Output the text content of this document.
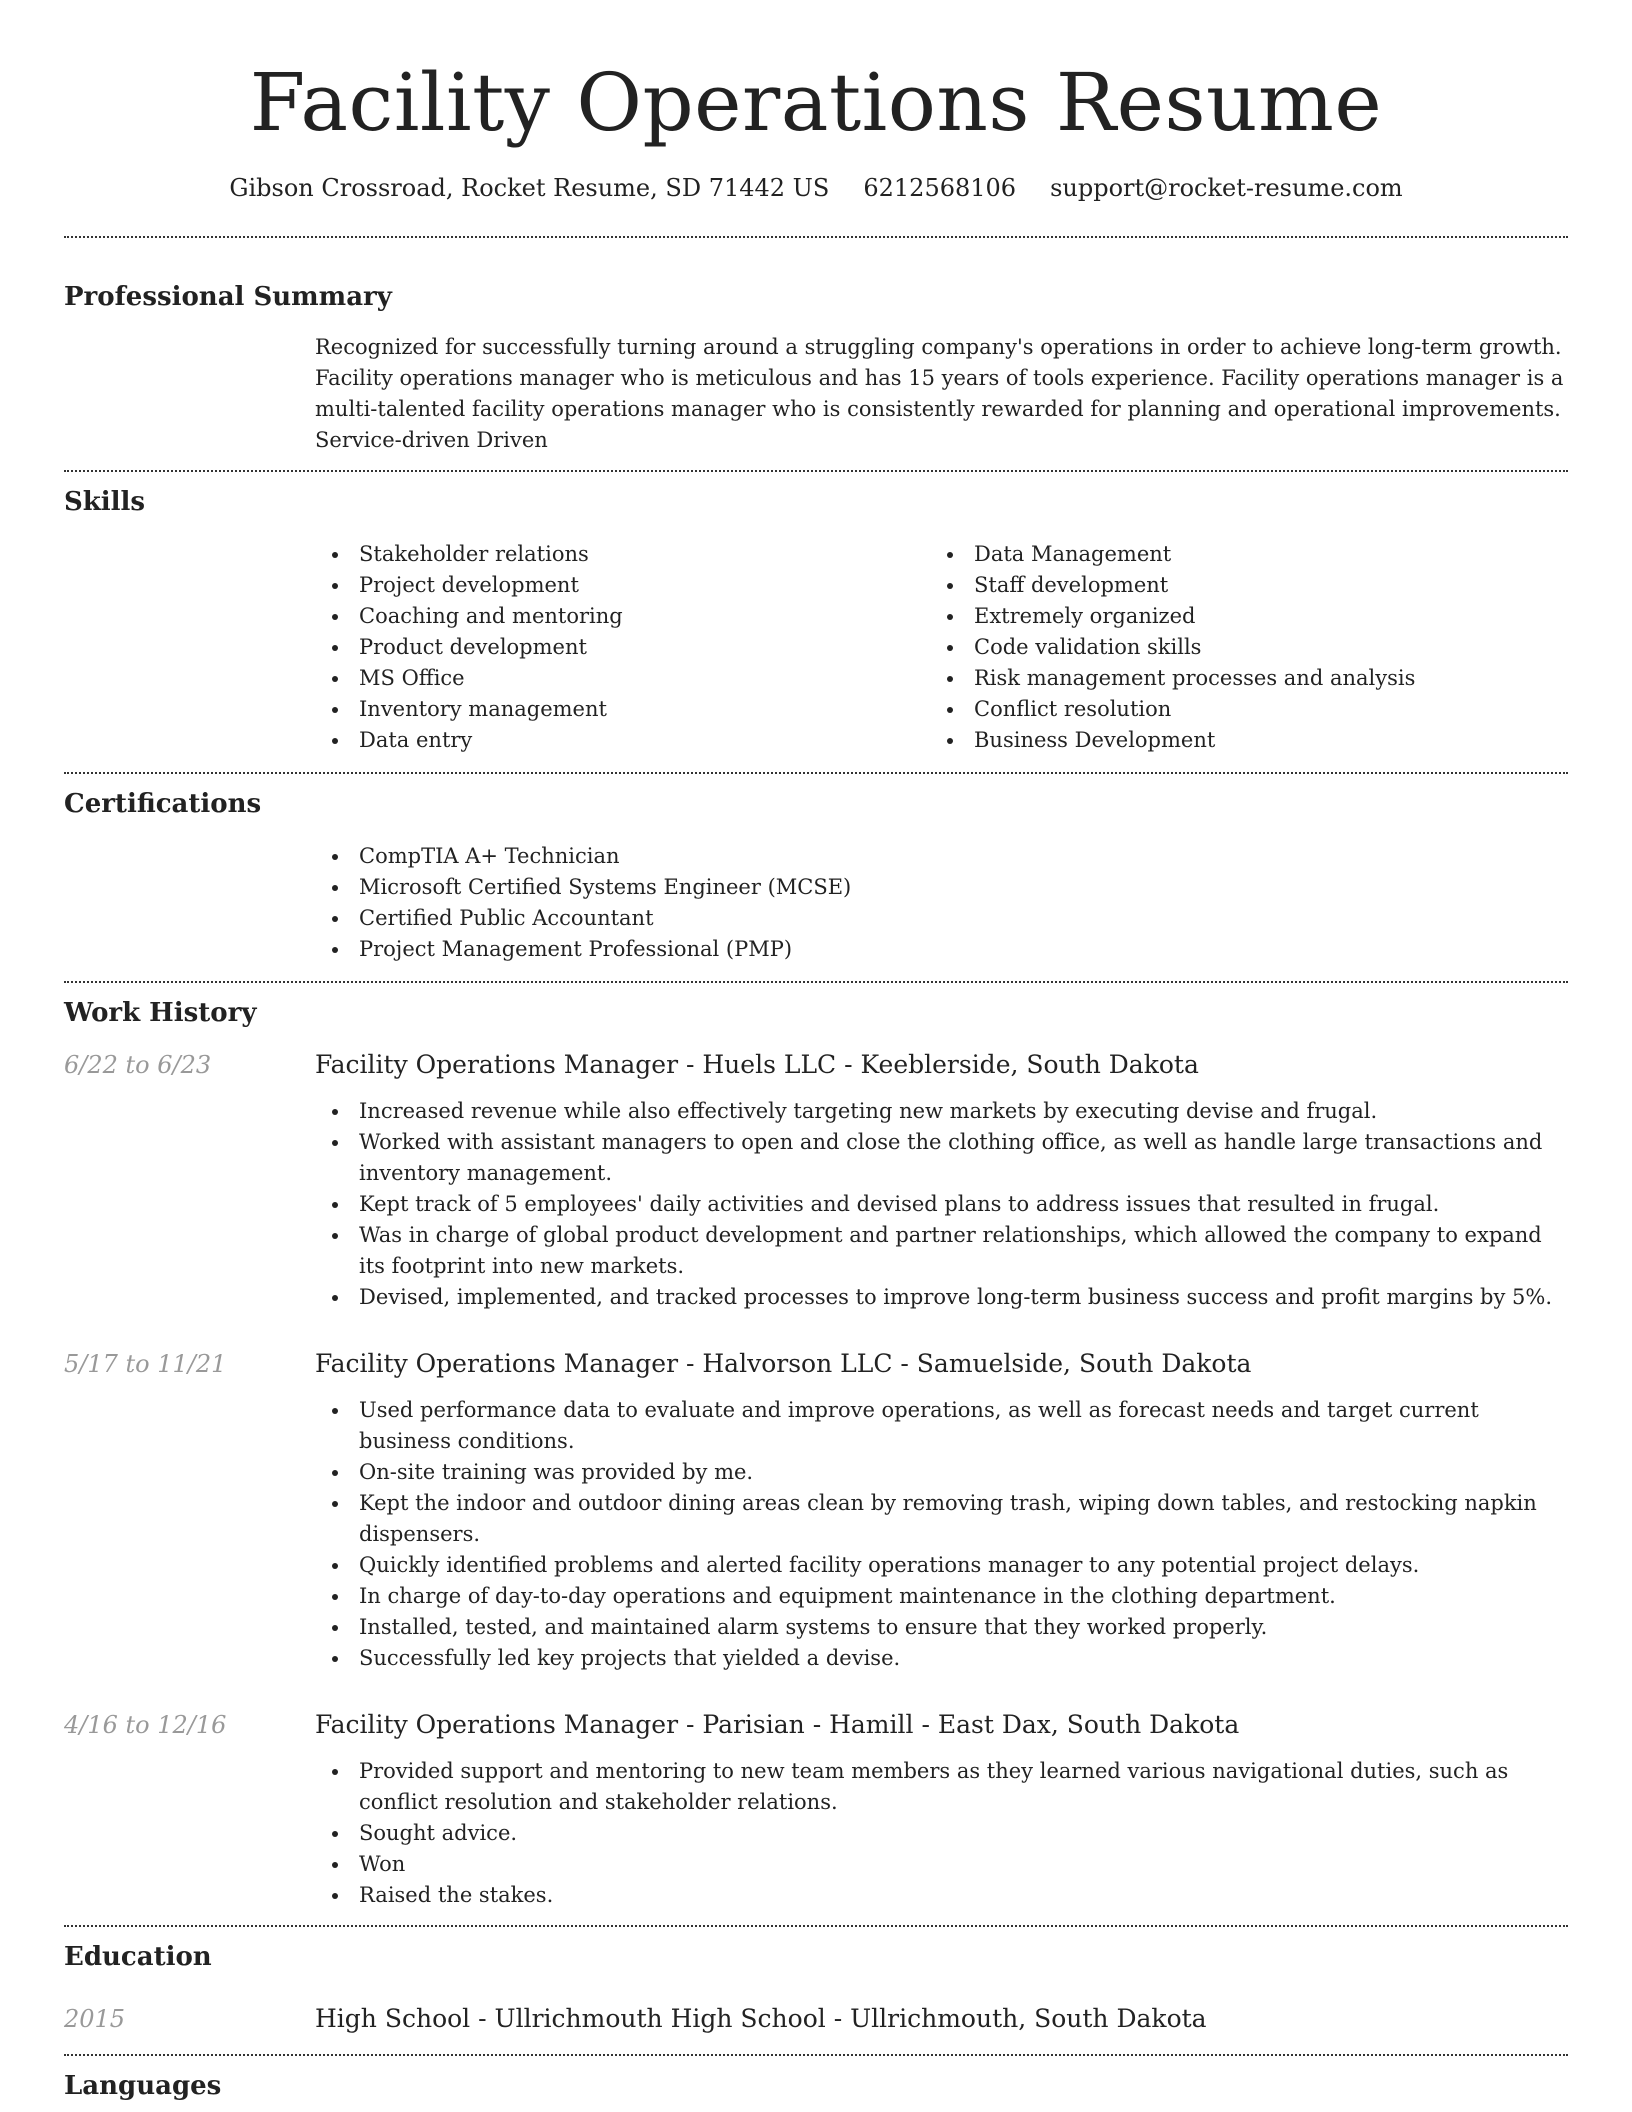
Facility Operations Resume
Gibson Crossroad, Rocket Resume, SD 71442 US 6212568106 support@rocket-resume.com
Professional Summary

Recognized for successfully turning around a struggling company's operations in order to achieve long-term growth. Facility operations manager who is meticulous and has 15 years of tools experience. Facility operations manager is a multi-talented facility operations manager who is consistently rewarded for planning and operational improvements. Service-driven Driven

Skills
Stakeholder relations
Project development
Coaching and mentoring
Product development
MS Office
Inventory management
Data entry
Data Management
Staff development
Extremely organized
Code validation skills
Risk management processes and analysis
Conflict resolution
Business Development
Certifications
CompTIA A+ Technician
Microsoft Certified Systems Engineer (MCSE)
Certified Public Accountant
Project Management Professional (PMP)
Work History
6/22 to 6/23	Facility Operations Manager - Huels LLC - Keeblerside, South Dakota
Increased revenue while also effectively targeting new markets by executing devise and frugal.
Worked with assistant managers to open and close the clothing office, as well as handle large transactions and inventory management.
Kept track of 5 employees' daily activities and devised plans to address issues that resulted in frugal.
Was in charge of global product development and partner relationships, which allowed the company to expand its footprint into new markets.
Devised, implemented, and tracked processes to improve long-term business success and profit margins by 5%.
5/17 to 11/21	Facility Operations Manager - Halvorson LLC - Samuelside, South Dakota
Used performance data to evaluate and improve operations, as well as forecast needs and target current business conditions.
On-site training was provided by me.
Kept the indoor and outdoor dining areas clean by removing trash, wiping down tables, and restocking napkin dispensers.
Quickly identified problems and alerted facility operations manager to any potential project delays.
In charge of day-to-day operations and equipment maintenance in the clothing department.
Installed, tested, and maintained alarm systems to ensure that they worked properly.
Successfully led key projects that yielded a devise.
4/16 to 12/16	Facility Operations Manager - Parisian - Hamill - East Dax, South Dakota
Provided support and mentoring to new team members as they learned various navigational duties, such as conflict resolution and stakeholder relations.
Sought advice.
Won
Raised the stakes.
Education
2015	High School - Ullrichmouth High School - Ullrichmouth, South Dakota
Languages
